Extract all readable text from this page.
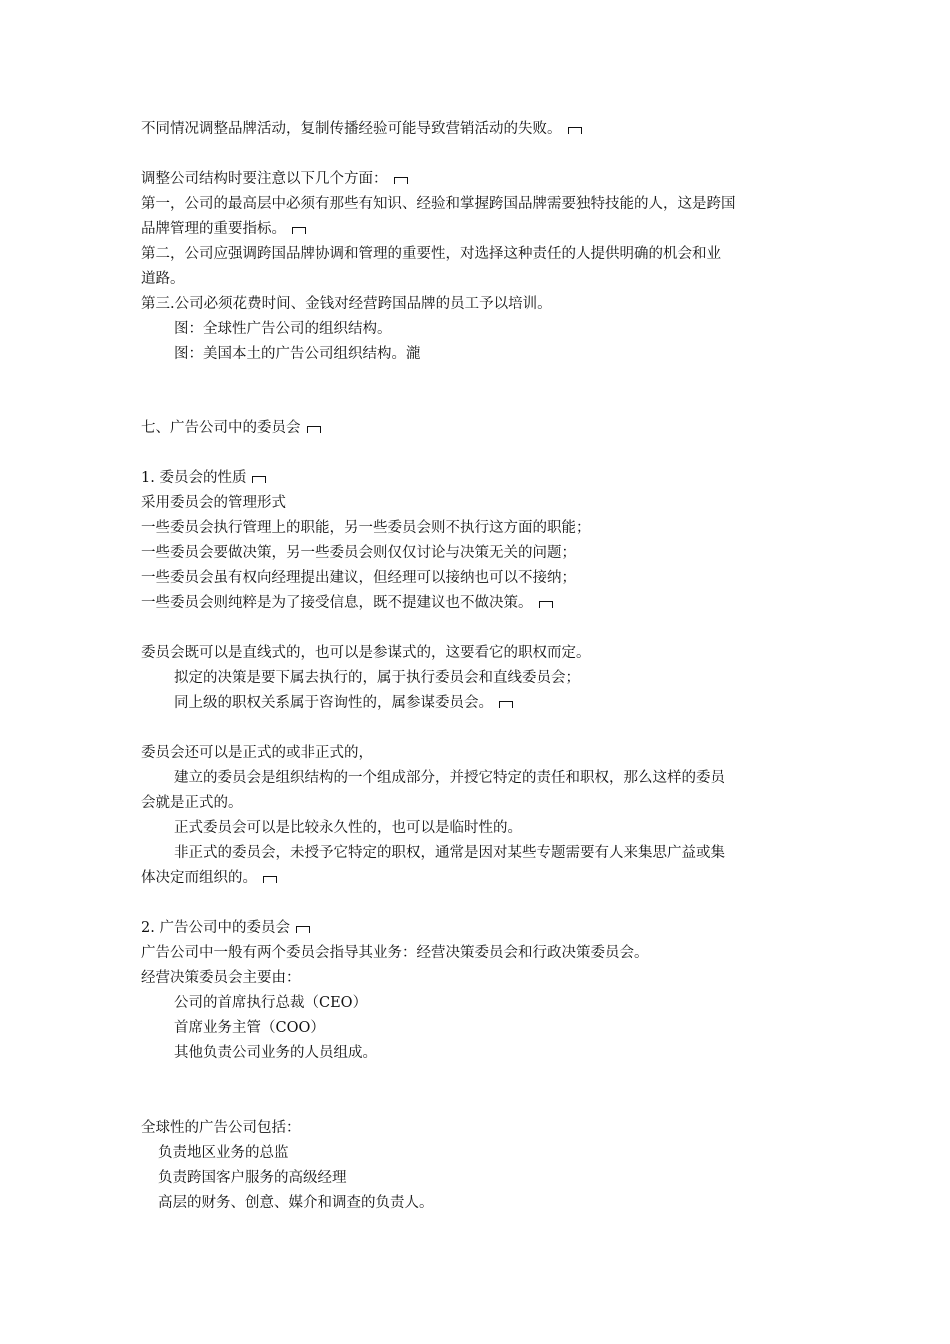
不同情况调整品牌活动，复制传播经验可能导致营销活动的失败。

调整公司结构时要注意以下几个方面：

第一，公司的最高层中必须有那些有知识、经验和掌握跨国品牌需要独特技能的人，这是跨国

品牌管理的重要指标。

第二，公司应强调跨国品牌协调和管理的重要性，对选择这种责任的人提供明确的机会和业

道路。

第三.公司必须花费时间、金钱对经营跨国品牌的员工予以培训。

图：全球性广告公司的组织结构。

图：美国本土的广告公司组织结构。瀧

七、广告公司中的委员会

1. 委员会的性质

采用委员会的管理形式

一些委员会执行管理上的职能，另一些委员会则不执行这方面的职能；

一些委员会要做决策，另一些委员会则仅仅讨论与决策无关的问题；

一些委员会虽有权向经理提出建议，但经理可以接纳也可以不接纳；

一些委员会则纯粹是为了接受信息，既不提建议也不做决策。

委员会既可以是直线式的，也可以是参谋式的，这要看它的职权而定。

拟定的决策是要下属去执行的，属于执行委员会和直线委员会；

同上级的职权关系属于咨询性的，属参谋委员会。

委员会还可以是正式的或非正式的，

建立的委员会是组织结构的一个组成部分，并授它特定的责任和职权，那么这样的委员

会就是正式的。

正式委员会可以是比较永久性的，也可以是临时性的。

非正式的委员会，未授予它特定的职权，通常是因对某些专题需要有人来集思广益或集

体决定而组织的。

2. 广告公司中的委员会

广告公司中一般有两个委员会指导其业务：经营决策委员会和行政决策委员会。

经营决策委员会主要由：

公司的首席执行总裁（CEO）

首席业务主管（COO）

其他负责公司业务的人员组成。

全球性的广告公司包括：

负责地区业务的总监

负责跨国客户服务的高级经理

高层的财务、创意、媒介和调查的负责人。
